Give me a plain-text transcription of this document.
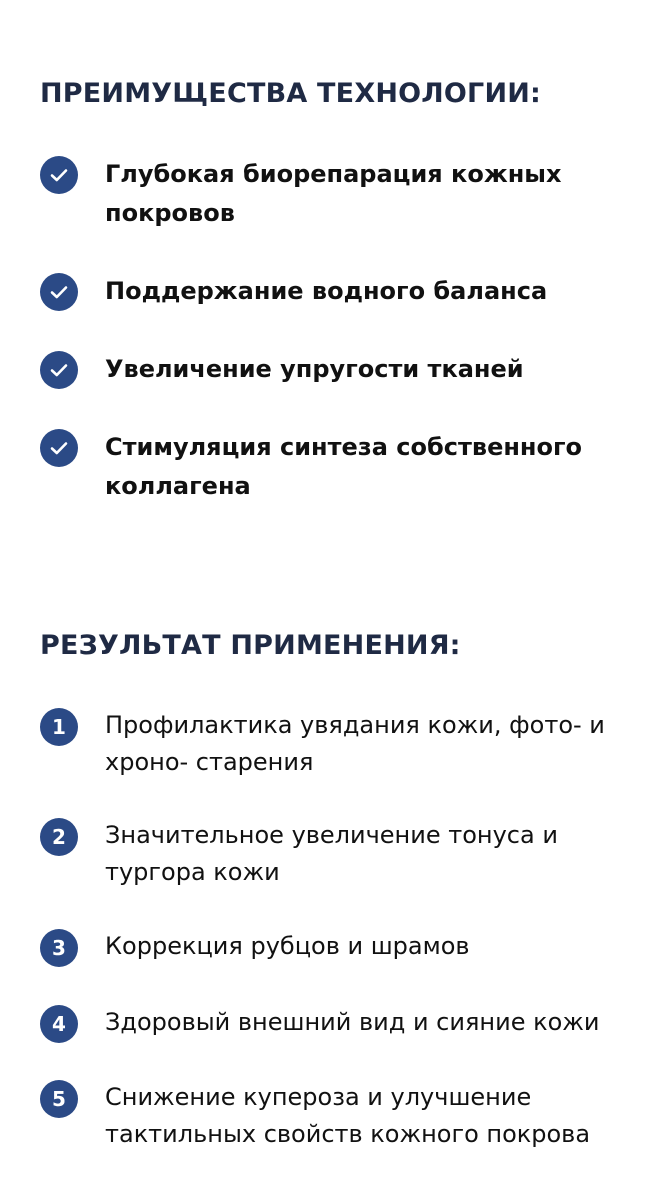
ПРЕИМУЩЕСТВА ТЕХНОЛОГИИ:
Глубокая биорепарация кожных покровов
Поддержание водного баланса
Увеличение упругости тканей
Стимуляция синтеза собственного коллагена
РЕЗУЛЬТАТ ПРИМЕНЕНИЯ:
1	Профилактика увядания кожи, фото- и хроно- старения
2	Значительное увеличение тонуса и тургора кожи
3	Коррекция рубцов и шрамов
4	Здоровый внешний вид и сияние кожи
5	Снижение купероза и улучшение тактильных свойств кожного покрова
